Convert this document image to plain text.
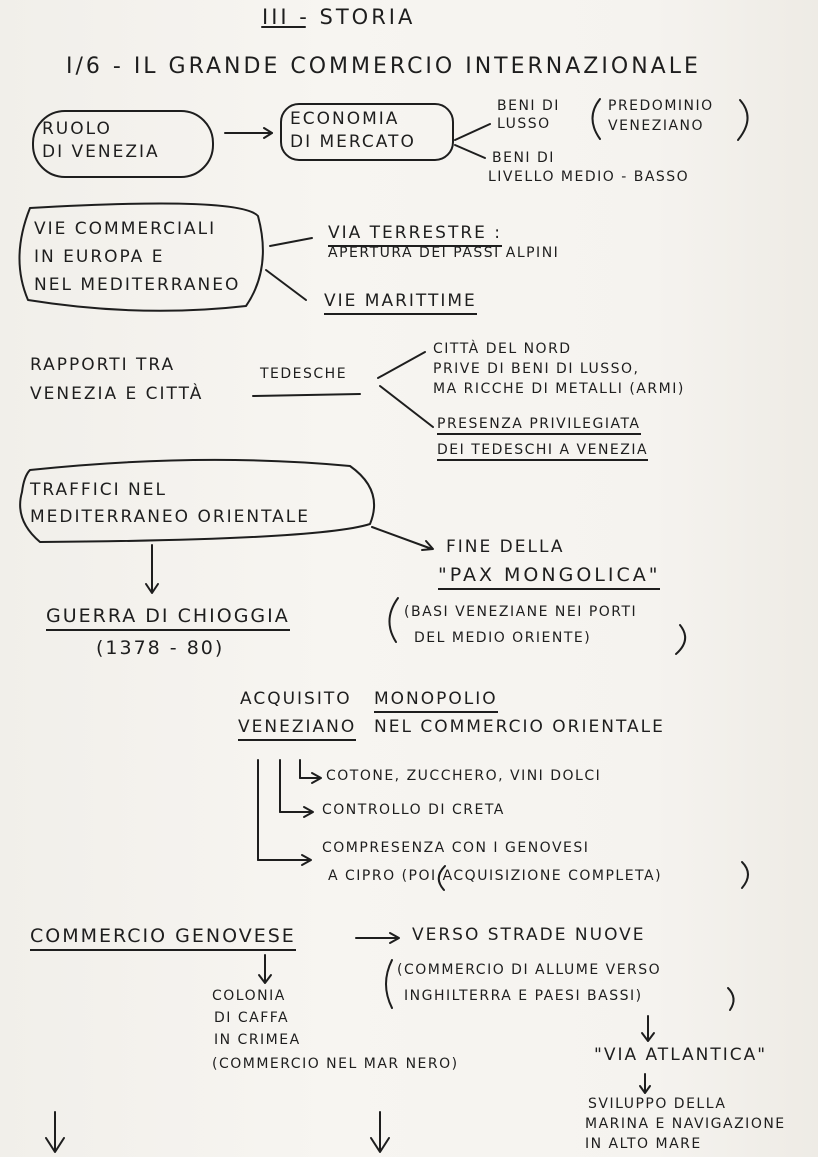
III - STORIA
I/6 - IL GRANDE COMMERCIO INTERNAZIONALE
RUOLO
DI VENEZIA
ECONOMIA
DI MERCATO
BENI DI
LUSSO
PREDOMINIO
VENEZIANO
BENI DI
LIVELLO MEDIO - BASSO
VIE COMMERCIALI
IN EUROPA E
NEL MEDITERRANEO
VIA TERRESTRE :
APERTURA DEI PASSI ALPINI
VIE MARITTIME
RAPPORTI TRA
VENEZIA E CITTÀ
TEDESCHE
CITTÀ DEL NORD
PRIVE DI BENI DI LUSSO,
MA RICCHE DI METALLI (ARMI)
PRESENZA PRIVILEGIATA
DEI TEDESCHI A VENEZIA
TRAFFICI NEL
MEDITERRANEO ORIENTALE
FINE DELLA
"PAX MONGOLICA"
(BASI VENEZIANE NEI PORTI
DEL MEDIO ORIENTE)
GUERRA DI CHIOGGIA
(1378 - 80)
ACQUISITO MONOPOLIO
VENEZIANO NEL COMMERCIO ORIENTALE
COTONE, ZUCCHERO, VINI DOLCI
CONTROLLO DI CRETA
COMPRESENZA CON I GENOVESI
A CIPRO (POI ACQUISIZIONE COMPLETA)
COMMERCIO GENOVESE	VERSO STRADE NUOVE
(COMMERCIO DI ALLUME VERSO
INGHILTERRA E PAESI BASSI)
COLONIA
DI CAFFA
IN CRIMEA
(COMMERCIO NEL MAR NERO)	"VIA ATLANTICA"
SVILUPPO DELLA
MARINA E NAVIGAZIONE
IN ALTO MARE
